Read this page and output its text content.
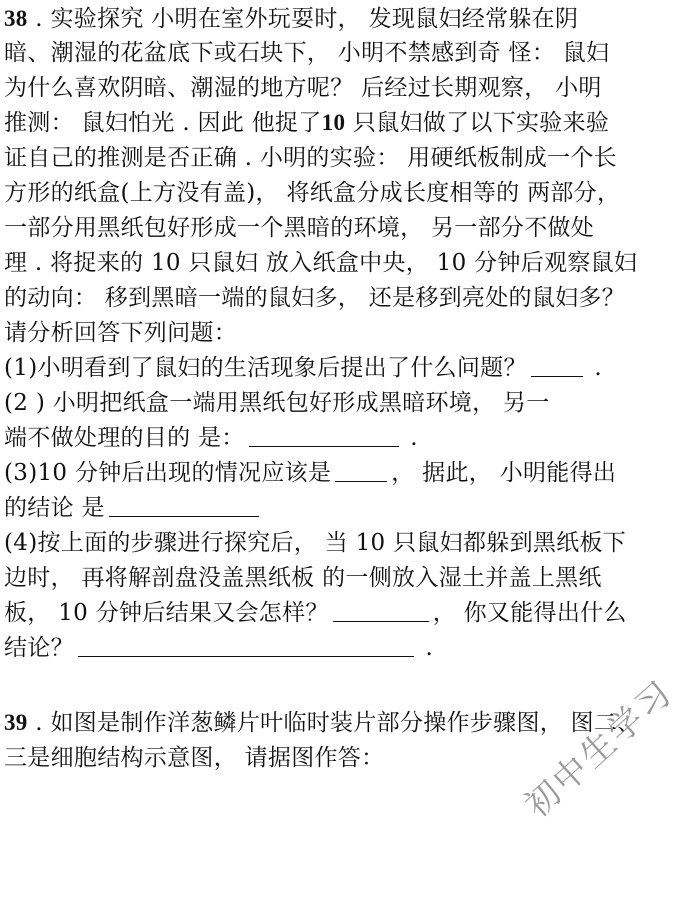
38 . 实验探究 小明在室外玩耍时， 发现鼠妇经常躲在阴
暗、潮湿的花盆底下或石块下， 小明不禁感到奇 怪： 鼠妇
为什么喜欢阴暗、潮湿的地方呢？ 后经过长期观察， 小明
推测： 鼠妇怕光 . 因此 他捉了10 只鼠妇做了以下实验来验
证自己的推测是否正确 . 小明的实验： 用硬纸板制成一个长
方形的纸盒(上方没有盖)， 将纸盒分成长度相等的 两部分，
一部分用黑纸包好形成一个黑暗的环境， 另一部分不做处
理 . 将捉来的 10 只鼠妇 放入纸盒中央， 10 分钟后观察鼠妇
的动向： 移到黑暗一端的鼠妇多， 还是移到亮处的鼠妇多？
请分析回答下列问题：
(1)小明看到了鼠妇的生活现象后提出了什么问题？	.
(2 ) 小明把纸盒一端用黑纸包好形成黑暗环境， 另一
端不做处理的目的 是：	.
(3)10 分钟后出现的情况应该是	， 据此， 小明能得出
的结论 是
(4)按上面的步骤进行探究后， 当 10 只鼠妇都躲到黑纸板下
边时， 再将解剖盘没盖黑纸板 的一侧放入湿土并盖上黑纸
板， 10 分钟后结果又会怎样？	， 你又能得出什么
结论？	.
39 . 如图是制作洋葱鳞片叶临时装片部分操作步骤图， 图二、
三是细胞结构示意图， 请据图作答：	初中生学习
